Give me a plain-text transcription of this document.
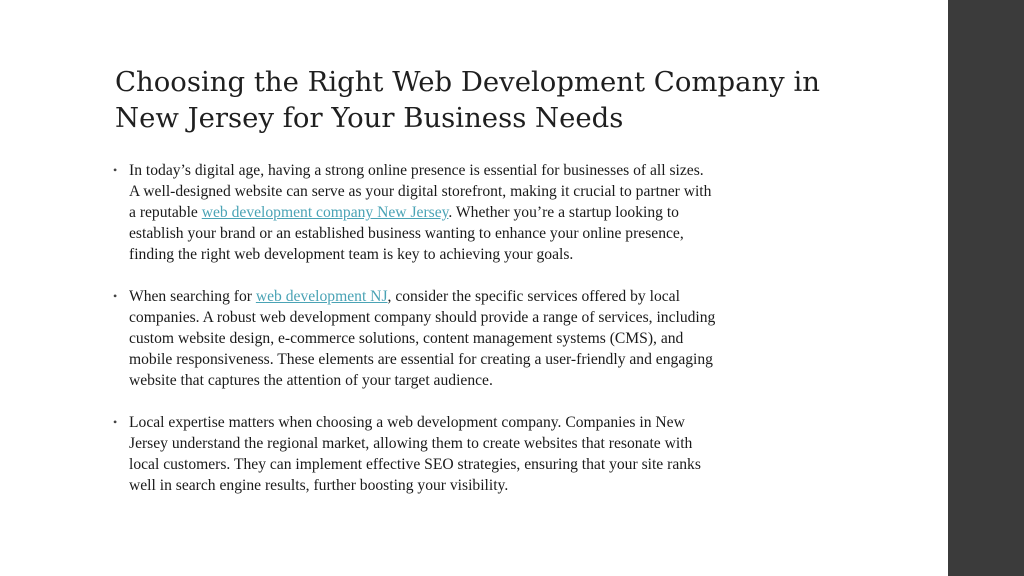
Choosing the Right Web Development Company in
New Jersey for Your Business Needs
• In today’s digital age, having a strong online presence is essential for businesses of all sizes.
A well-designed website can serve as your digital storefront, making it crucial to partner with
a reputable web development company New Jersey. Whether you’re a startup looking to
establish your brand or an established business wanting to enhance your online presence,
finding the right web development team is key to achieving your goals.
• When searching for web development NJ, consider the specific services offered by local
companies. A robust web development company should provide a range of services, including
custom website design, e-commerce solutions, content management systems (CMS), and
mobile responsiveness. These elements are essential for creating a user-friendly and engaging
website that captures the attention of your target audience.
• Local expertise matters when choosing a web development company. Companies in New
Jersey understand the regional market, allowing them to create websites that resonate with
local customers. They can implement effective SEO strategies, ensuring that your site ranks
well in search engine results, further boosting your visibility.
